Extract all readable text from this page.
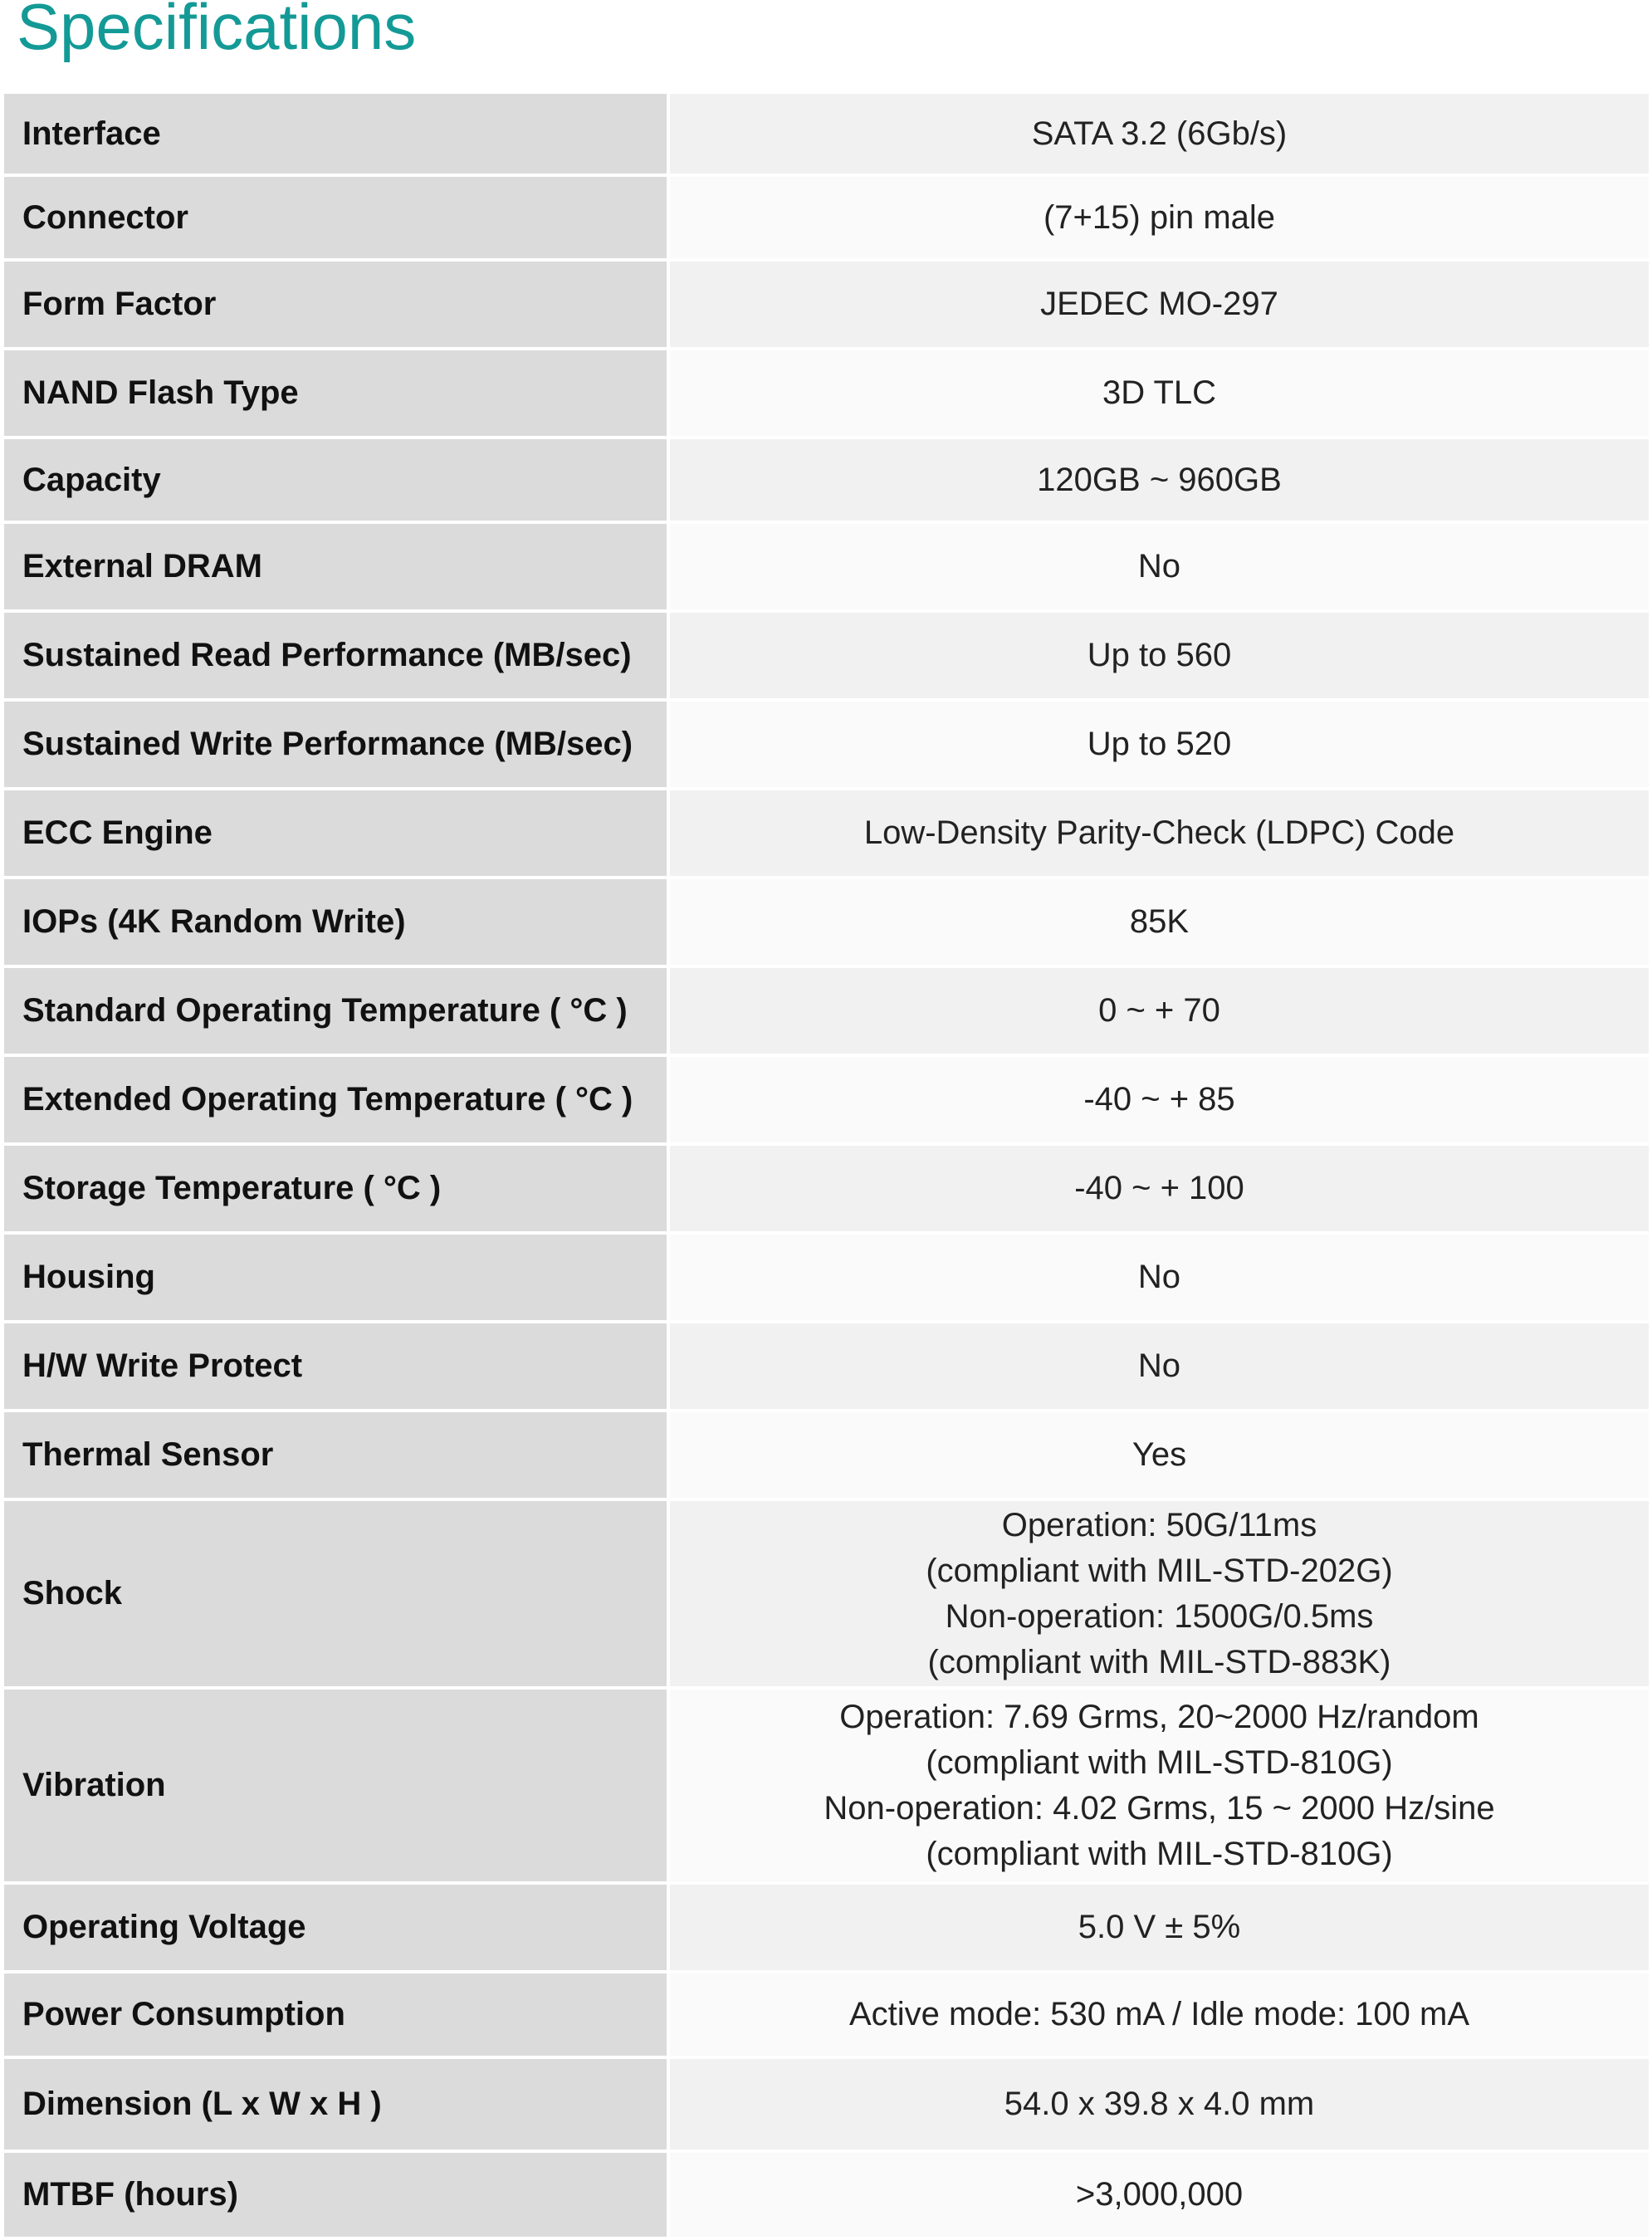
Specifications
Interface	SATA 3.2 (6Gb/s)

Connector	(7+15) pin male

Form Factor	JEDEC MO-297

NAND Flash Type	3D TLC

Capacity	120GB ~ 960GB

External DRAM	No

Sustained Read Performance (MB/sec)	Up to 560

Sustained Write Performance (MB/sec)	Up to 520

ECC Engine	Low-Density Parity-Check (LDPC) Code

IOPs (4K Random Write)	85K

Standard Operating Temperature ( °C )	0 ~ + 70

Extended Operating Temperature ( °C )	-40 ~ + 85

Storage Temperature ( °C )	-40 ~ + 100

Housing	No

H/W Write Protect	No

Thermal Sensor	Yes

Shock	Operation: 50G/11ms
(compliant with MIL-STD-202G)
Non-operation: 1500G/0.5ms
(compliant with MIL-STD-883K)

Vibration	Operation: 7.69 Grms, 20~2000 Hz/random
(compliant with MIL-STD-810G)
Non-operation: 4.02 Grms, 15 ~ 2000 Hz/sine
(compliant with MIL-STD-810G)

Operating Voltage	5.0 V ± 5%

Power Consumption	Active mode: 530 mA / Idle mode: 100 mA

Dimension (L x W x H )	54.0 x 39.8 x 4.0 mm

MTBF (hours)	>3,000,000
